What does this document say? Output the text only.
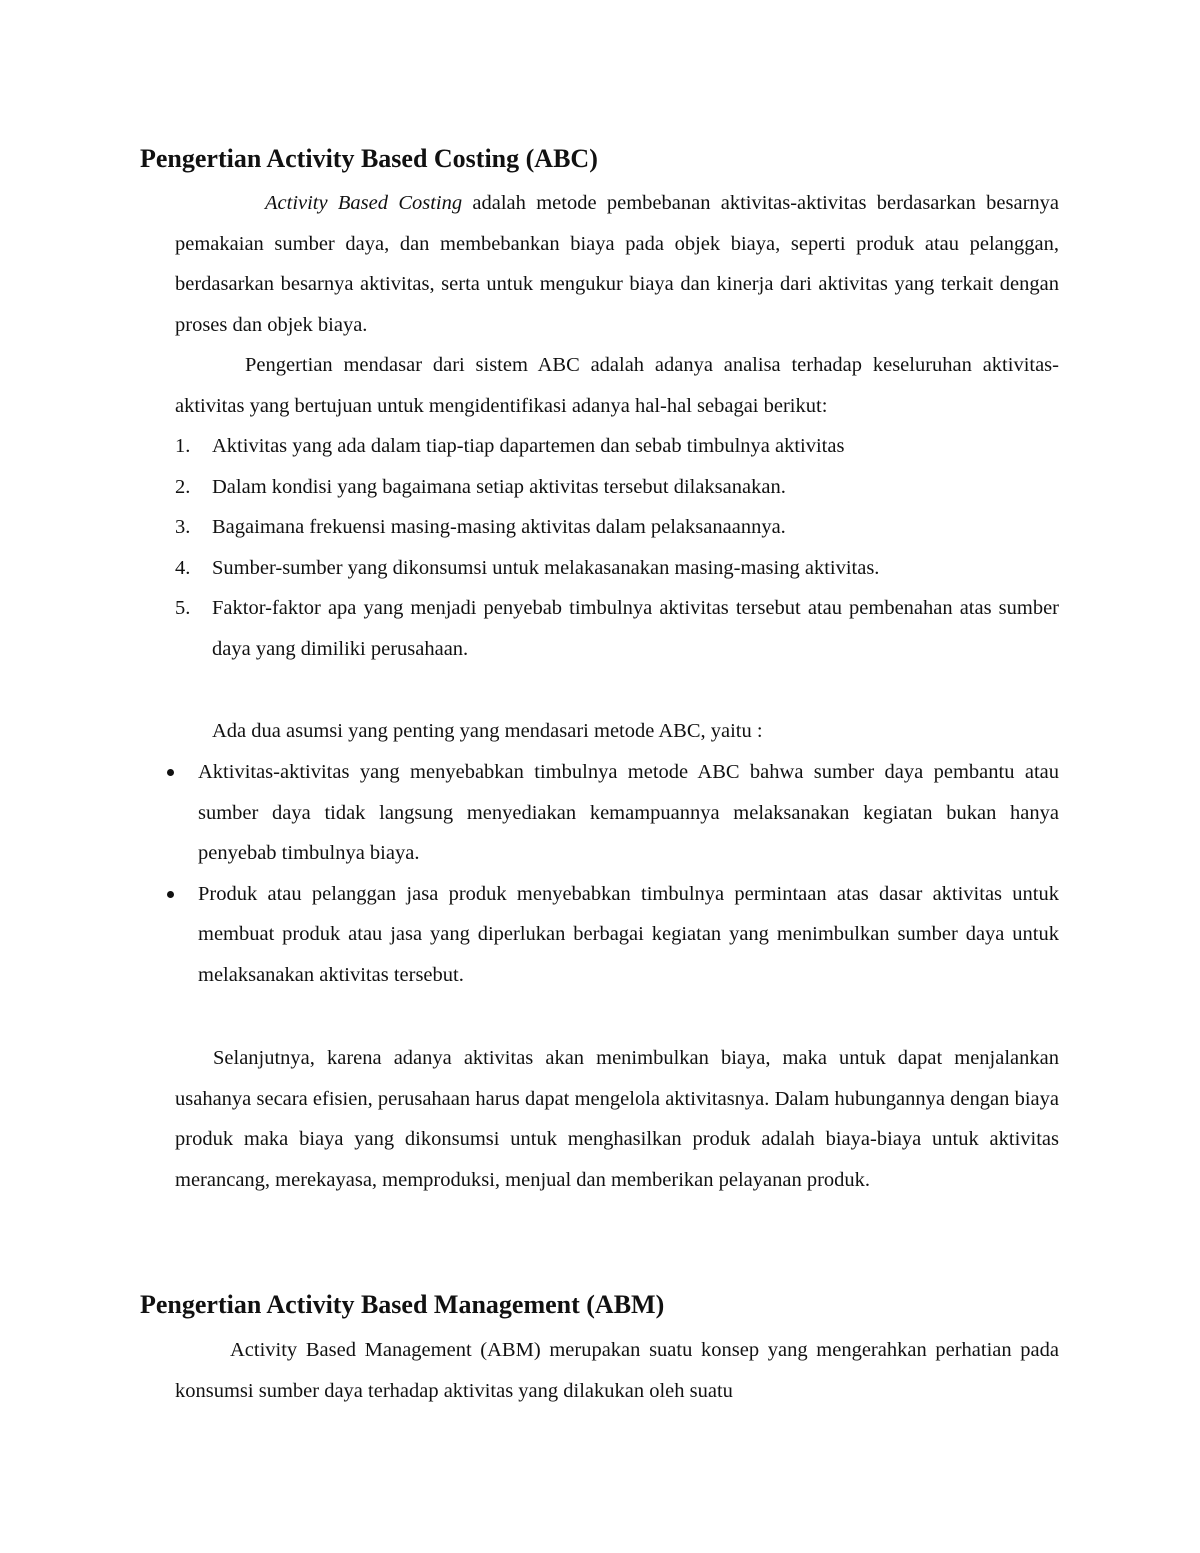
Pengertian Activity Based Costing (ABC)

Activity Based Costing adalah metode pembebanan aktivitas-aktivitas berdasarkan besarnya pemakaian sumber daya, dan membebankan biaya pada objek biaya, seperti produk atau pelanggan, berdasarkan besarnya aktivitas, serta untuk mengukur biaya dan kinerja dari aktivitas yang terkait dengan proses dan objek biaya.

Pengertian mendasar dari sistem ABC adalah adanya analisa terhadap keseluruhan aktivitas-aktivitas yang bertujuan untuk mengidentifikasi adanya hal-hal sebagai berikut:

1. Aktivitas yang ada dalam tiap-tiap dapartemen dan sebab timbulnya aktivitas
2. Dalam kondisi yang bagaimana setiap aktivitas tersebut dilaksanakan.
3. Bagaimana frekuensi masing-masing aktivitas dalam pelaksanaannya.
4. Sumber-sumber yang dikonsumsi untuk melakasanakan masing-masing aktivitas.
5. Faktor-faktor apa yang menjadi penyebab timbulnya aktivitas tersebut atau pembenahan atas sumber daya yang dimiliki perusahaan.

Ada dua asumsi yang penting yang mendasari metode ABC, yaitu :

Aktivitas-aktivitas yang menyebabkan timbulnya metode ABC bahwa sumber daya pembantu atau sumber daya tidak langsung menyediakan kemampuannya melaksanakan kegiatan bukan hanya penyebab timbulnya biaya.
Produk atau pelanggan jasa produk menyebabkan timbulnya permintaan atas dasar aktivitas untuk membuat produk atau jasa yang diperlukan berbagai kegiatan yang menimbulkan sumber daya untuk melaksanakan aktivitas tersebut.

Selanjutnya, karena adanya aktivitas akan menimbulkan biaya, maka untuk dapat menjalankan usahanya secara efisien, perusahaan harus dapat mengelola aktivitasnya. Dalam hubungannya dengan biaya produk maka biaya yang dikonsumsi untuk menghasilkan produk adalah biaya-biaya untuk aktivitas merancang, merekayasa, memproduksi, menjual dan memberikan pelayanan produk.

Pengertian Activity Based Management (ABM)

Activity Based Management (ABM) merupakan suatu konsep yang mengerahkan perhatian pada konsumsi sumber daya terhadap aktivitas yang dilakukan oleh suatu
